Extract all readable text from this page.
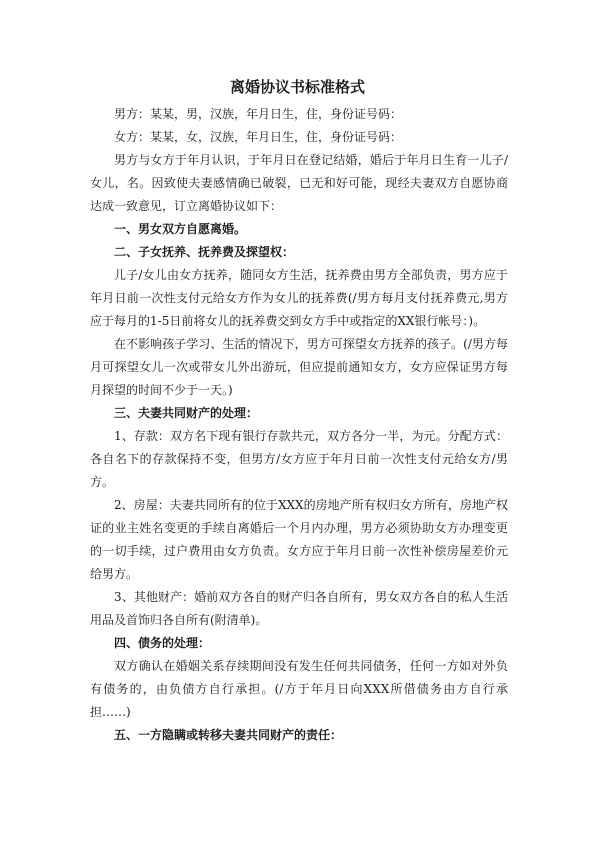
离婚协议书标准格式

男方：某某，男，汉族，年月日生，住，身份证号码：

女方：某某，女，汉族，年月日生，住，身份证号码：

男方与女方于年月认识，于年月日在登记结婚，婚后于年月日生育一儿子/女儿，名。因致使夫妻感情确已破裂，已无和好可能，现经夫妻双方自愿协商达成一致意见，订立离婚协议如下：

一、男女双方自愿离婚。

二、子女抚养、抚养费及探望权：

儿子/女儿由女方抚养，随同女方生活，抚养费由男方全部负责，男方应于年月日前一次性支付元给女方作为女儿的抚养费(/男方每月支付抚养费元,男方应于每月的1-5日前将女儿的抚养费交到女方手中或指定的XX银行帐号：)。

在不影响孩子学习、生活的情况下，男方可探望女方抚养的孩子。(/男方每月可探望女儿一次或带女儿外出游玩，但应提前通知女方，女方应保证男方每月探望的时间不少于一天。)

三、夫妻共同财产的处理：

1、存款：双方名下现有银行存款共元，双方各分一半，为元。分配方式：各自名下的存款保持不变，但男方/女方应于年月日前一次性支付元给女方/男方。

2、房屋：夫妻共同所有的位于XXX的房地产所有权归女方所有，房地产权证的业主姓名变更的手续自离婚后一个月内办理，男方必须协助女方办理变更的一切手续，过户费用由女方负责。女方应于年月日前一次性补偿房屋差价元给男方。

3、其他财产：婚前双方各自的财产归各自所有，男女双方各自的私人生活用品及首饰归各自所有(附清单)。

四、债务的处理：

双方确认在婚姻关系存续期间没有发生任何共同债务，任何一方如对外负有债务的，由负债方自行承担。(/方于年月日向XXX所借债务由方自行承担……)

五、一方隐瞒或转移夫妻共同财产的责任：
